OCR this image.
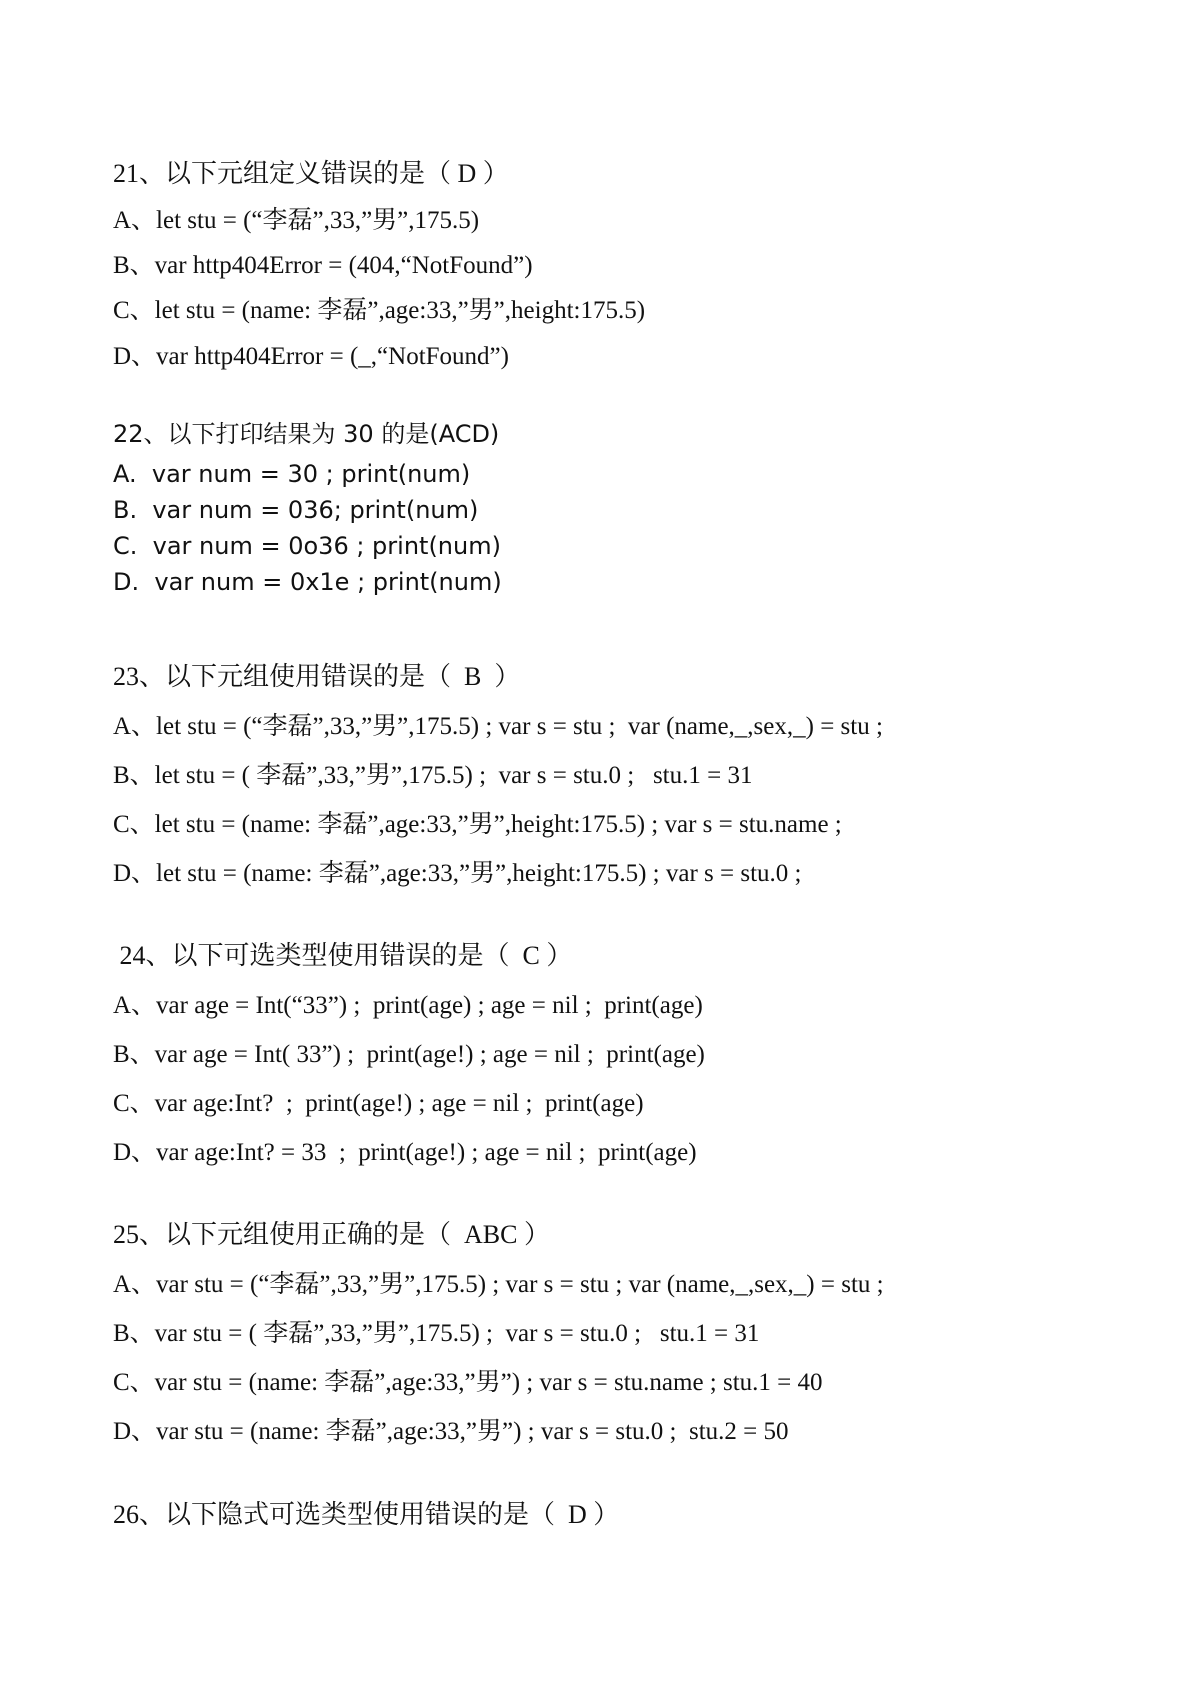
21、以下元组定义错误的是（ D ）
A、let stu = (“李磊”,33,”男”,175.5)
B、var http404Error = (404,“NotFound”)
C、let stu = (name: 李磊”,age:33,”男”,height:175.5)
D、var http404Error = (_,“NotFound”)
22、以下打印结果为 30 的是(ACD)
A.  var num = 30 ; print(num)
B.  var num = 036; print(num)
C.  var num = 0o36 ; print(num)
D.  var num = 0x1e ; print(num)
23、以下元组使用错误的是（  B  ）
A、let stu = (“李磊”,33,”男”,175.5) ; var s = stu ;  var (name,_,sex,_) = stu ;
B、let stu = ( 李磊”,33,”男”,175.5) ;  var s = stu.0 ;   stu.1 = 31
C、let stu = (name: 李磊”,age:33,”男”,height:175.5) ; var s = stu.name ;
D、let stu = (name: 李磊”,age:33,”男”,height:175.5) ; var s = stu.0 ;
24、以下可选类型使用错误的是（  C ）
A、var age = Int(“33”) ;  print(age) ; age = nil ;  print(age)
B、var age = Int( 33”) ;  print(age!) ; age = nil ;  print(age)
C、var age:Int?  ;  print(age!) ; age = nil ;  print(age)
D、var age:Int? = 33  ;  print(age!) ; age = nil ;  print(age)
25、以下元组使用正确的是（  ABC ）
A、var stu = (“李磊”,33,”男”,175.5) ; var s = stu ; var (name,_,sex,_) = stu ;
B、var stu = ( 李磊”,33,”男”,175.5) ;  var s = stu.0 ;   stu.1 = 31
C、var stu = (name: 李磊”,age:33,”男”) ; var s = stu.name ; stu.1 = 40
D、var stu = (name: 李磊”,age:33,”男”) ; var s = stu.0 ;  stu.2 = 50
26、以下隐式可选类型使用错误的是（  D ）
